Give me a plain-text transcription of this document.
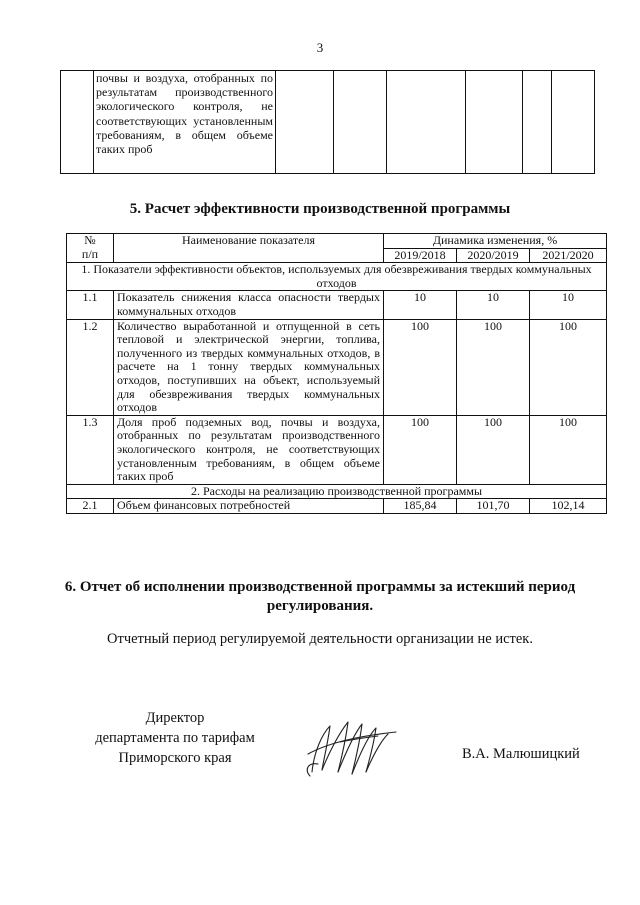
3
	почвы и воздуха, отобранных по результатам производственного экологического контроля, не соответствующих установленным требованиям, в общем объеме таких проб						
5. Расчет эффективности производственной программы
№
п/п	Наименование показателя	Динамика изменения, %		
		2019/2018	2020/2019	2021/2020
1. Показатели эффективности объектов, используемых для обезвреживания твердых коммунальных отходов				
1.1	Показатель снижения класса опасности твердых коммунальных отходов	10	10	10
1.2	Количество выработанной и отпущенной в сеть тепловой и электрической энергии, топлива, полученного из твердых коммунальных отходов, в расчете на 1 тонну твердых коммунальных отходов, поступивших на объект, используемый для обезвреживания твердых коммунальных отходов	100	100	100
1.3	Доля проб подземных вод, почвы и воздуха, отобранных по результатам производственного экологического контроля, не соответствующих установленным требованиям, в общем объеме таких проб	100	100	100
2. Расходы на реализацию производственной программы				
2.1	Объем финансовых потребностей	185,84	101,70	102,14
6. Отчет об исполнении производственной программы за истекший период регулирования.
Отчетный период регулируемой деятельности организации не истек.
Директор
департамента по тарифам
Приморского края	В.А. Малюшицкий
